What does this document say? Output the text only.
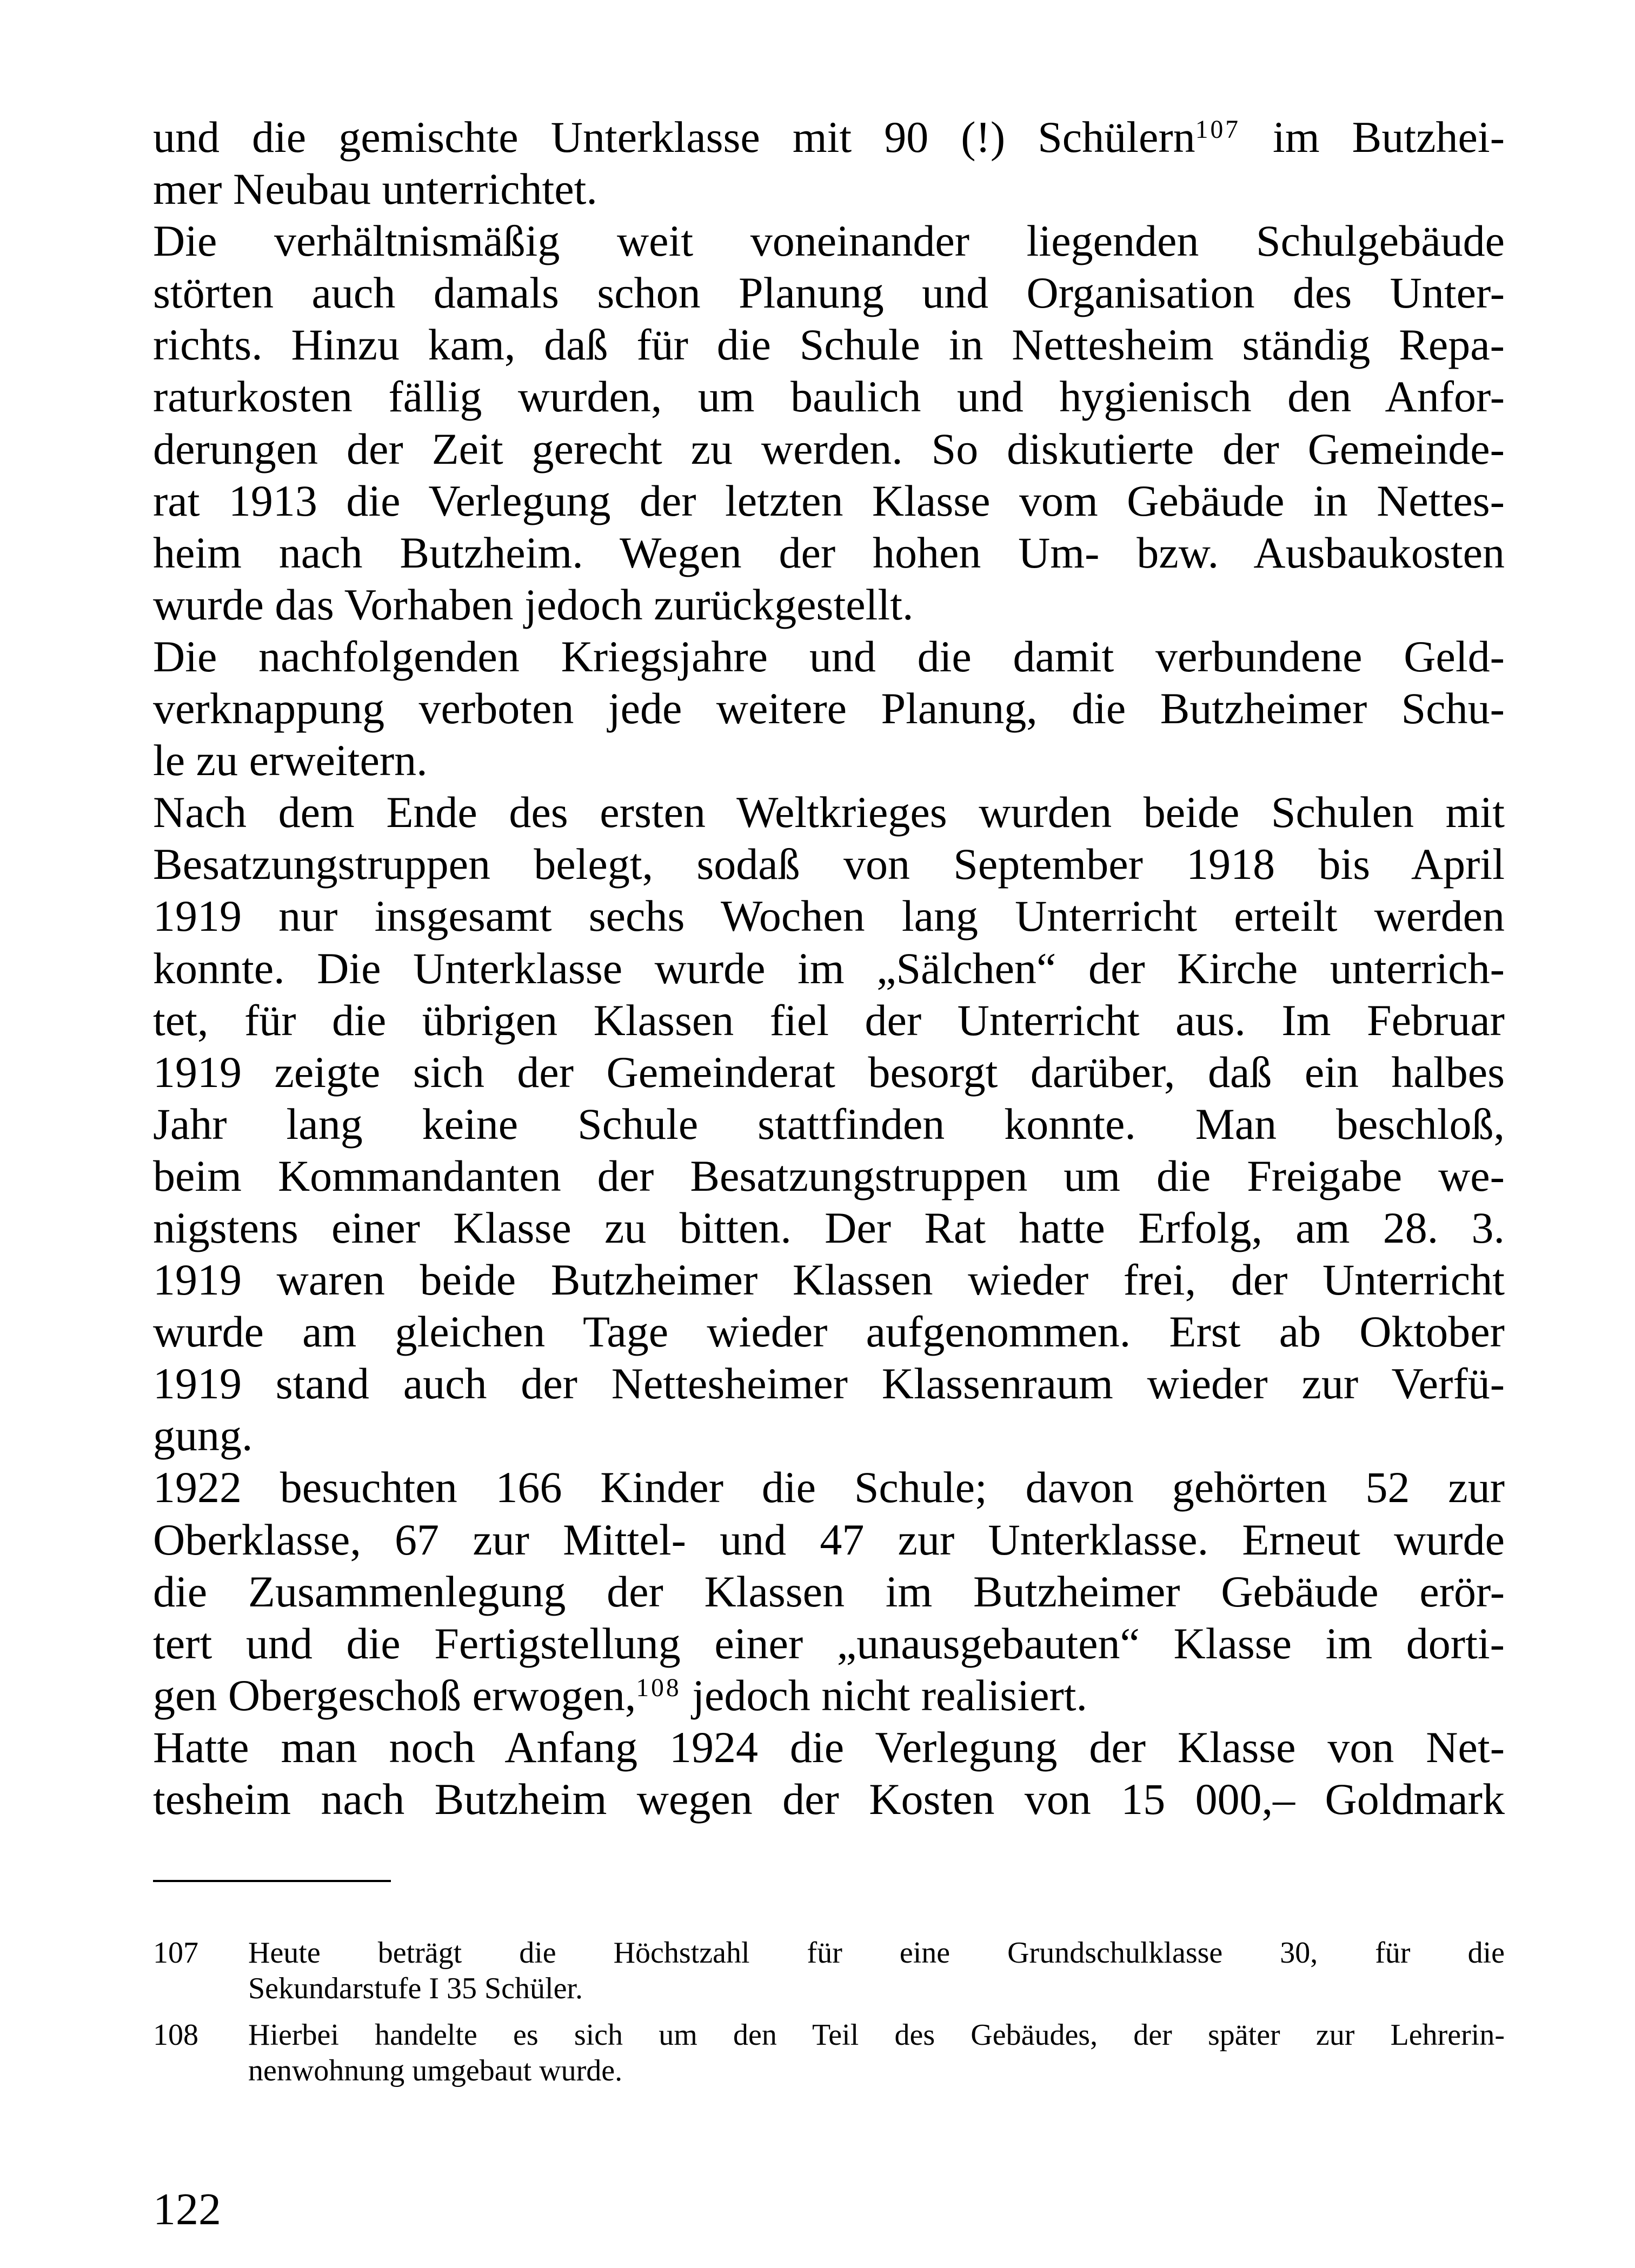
und die gemischte Unterklasse mit 90 (!) Schülern$^{107}$ im Butzhei-
mer Neubau unterrichtet.
Die verhältnismäßig weit voneinander liegenden Schulgebäude
störten auch damals schon Planung und Organisation des Unter-
richts. Hinzu kam, daß für die Schule in Nettesheim ständig Repa-
raturkosten fällig wurden, um baulich und hygienisch den Anfor-
derungen der Zeit gerecht zu werden. So diskutierte der Gemeinde-
rat 1913 die Verlegung der letzten Klasse vom Gebäude in Nettes-
heim nach Butzheim. Wegen der hohen Um- bzw. Ausbaukosten
wurde das Vorhaben jedoch zurückgestellt.
Die nachfolgenden Kriegsjahre und die damit verbundene Geld-
verknappung verboten jede weitere Planung, die Butzheimer Schu-
le zu erweitern.
Nach dem Ende des ersten Weltkrieges wurden beide Schulen mit
Besatzungstruppen belegt, sodaß von September 1918 bis April
1919 nur insgesamt sechs Wochen lang Unterricht erteilt werden
konnte. Die Unterklasse wurde im „Sälchen“ der Kirche unterrich-
tet, für die übrigen Klassen fiel der Unterricht aus. Im Februar
1919 zeigte sich der Gemeinderat besorgt darüber, daß ein halbes
Jahr lang keine Schule stattfinden konnte. Man beschloß,
beim Kommandanten der Besatzungstruppen um die Freigabe we-
nigstens einer Klasse zu bitten. Der Rat hatte Erfolg, am 28. 3.
1919 waren beide Butzheimer Klassen wieder frei, der Unterricht
wurde am gleichen Tage wieder aufgenommen. Erst ab Oktober
1919 stand auch der Nettesheimer Klassenraum wieder zur Verfü-
gung.
1922 besuchten 166 Kinder die Schule; davon gehörten 52 zur
Oberklasse, 67 zur Mittel- und 47 zur Unterklasse. Erneut wurde
die Zusammenlegung der Klassen im Butzheimer Gebäude erör-
tert und die Fertigstellung einer „unausgebauten“ Klasse im dorti-
gen Obergeschoß erwogen,$^{108}$ jedoch nicht realisiert.
Hatte man noch Anfang 1924 die Verlegung der Klasse von Net-
tesheim nach Butzheim wegen der Kosten von 15 000,– Goldmark
107	Heute beträgt die Höchstzahl für eine Grundschulklasse 30, für die
Sekundarstufe I 35 Schüler.
108	Hierbei handelte es sich um den Teil des Gebäudes, der später zur Lehrerin-
nenwohnung umgebaut wurde.
122
